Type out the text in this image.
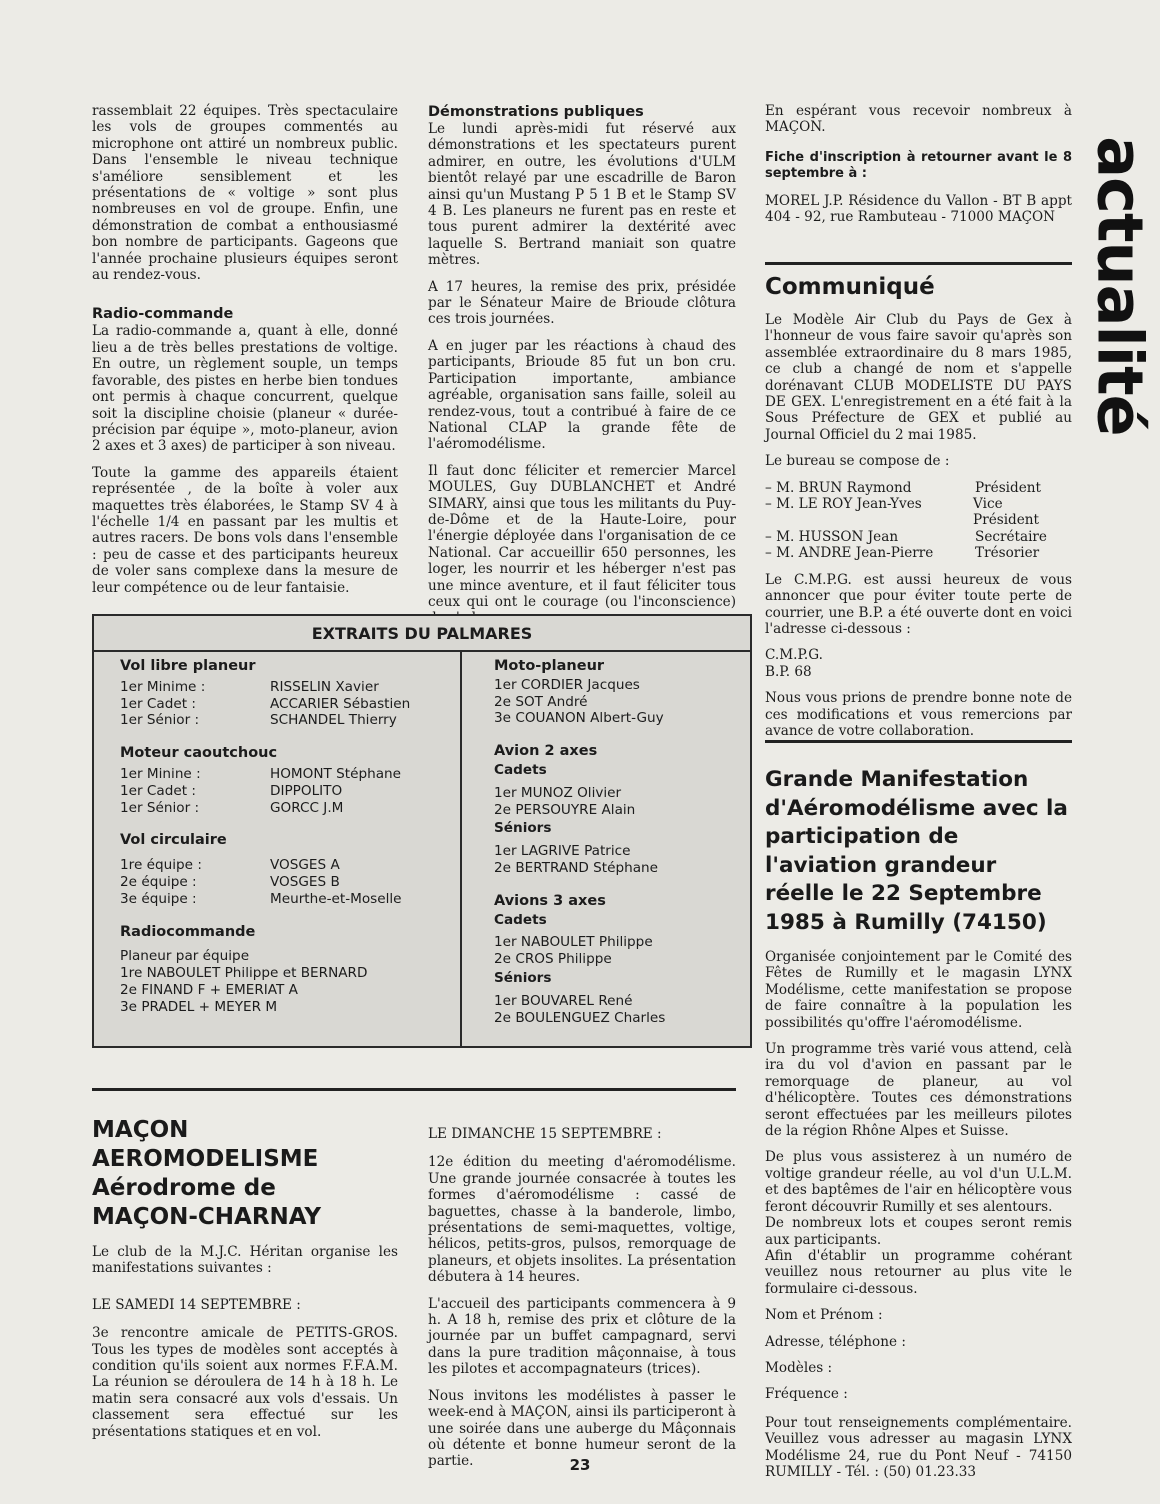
actualité

rassemblait 22 équipes. Très spectaculaire les vols de groupes commentés au microphone ont attiré un nombreux public. Dans l'ensemble le niveau technique s'améliore sensiblement et les présentations de « voltige » sont plus nombreuses en vol de groupe. Enfin, une démonstration de combat a enthousiasmé bon nombre de participants. Gageons que l'année prochaine plusieurs équipes seront au rendez-vous.

Radio-commande

La radio-commande a, quant à elle, donné lieu a de très belles prestations de voltige. En outre, un règlement souple, un temps favorable, des pistes en herbe bien tondues ont permis à chaque concurrent, quelque soit la discipline choisie (planeur « durée-précision par équipe », moto-planeur, avion 2 axes et 3 axes) de participer à son niveau.

Toute la gamme des appareils étaient représentée , de la boîte à voler aux maquettes très élaborées, le Stamp SV 4 à l'échelle 1/4 en passant par les multis et autres racers. De bons vols dans l'ensemble : peu de casse et des participants heureux de voler sans complexe dans la mesure de leur compétence ou de leur fantaisie.

Démonstrations publiques

Le lundi après-midi fut réservé aux démonstrations et les spectateurs purent admirer, en outre, les évolutions d'ULM bientôt relayé par une escadrille de Baron ainsi qu'un Mustang P 5 1 B et le Stamp SV 4 B. Les planeurs ne furent pas en reste et tous purent admirer la dextérité avec laquelle S. Bertrand maniait son quatre mètres.

A 17 heures, la remise des prix, présidée par le Sénateur Maire de Brioude clôtura ces trois journées.

A en juger par les réactions à chaud des participants, Brioude 85 fut un bon cru. Participation importante, ambiance agréable, organisation sans faille, soleil au rendez-vous, tout a contribué à faire de ce National CLAP la grande fête de l'aéromodélisme.

Il faut donc féliciter et remercier Marcel MOULES, Guy DUBLANCHET et André SIMARY, ainsi que tous les militants du Puy-de-Dôme et de la Haute-Loire, pour l'énergie déployée dans l'organisation de ce National. Car accueillir 650 personnes, les loger, les nourrir et les héberger n'est pas une mince aventure, et il faut féliciter tous ceux qui ont le courage (ou l'inconscience)

En espérant vous recevoir nombreux à MAÇON.

Fiche d'inscription à retourner avant le 8 septembre à :

MOREL J.P. Résidence du Vallon - BT B appt 404 - 92, rue Rambuteau - 71000 MAÇON

Communiqué

Le Modèle Air Club du Pays de Gex à l'honneur de vous faire savoir qu'après son assemblée extraordinaire du 8 mars 1985, ce club a changé de nom et s'appelle dorénavant CLUB MODELISTE DU PAYS DE GEX. L'enregistrement en a été fait à la Sous Préfecture de GEX et publié au Journal Officiel du 2 mai 1985.

Le bureau se compose de :

– M. BRUN Raymond	Président
– M. LE ROY Jean-Yves	Vice Président
– M. HUSSON Jean	Secrétaire
– M. ANDRE Jean-Pierre	Trésorier

Le C.M.P.G. est aussi heureux de vous annoncer que pour éviter toute perte de courrier, une B.P. a été ouverte dont en voici l'adresse ci-dessous :

C.M.P.G.

B.P. 68

Nous vous prions de prendre bonne note de ces modifications et vous remercions par avance de votre collaboration.

Grande Manifestation d'Aéromodélisme avec la participation de l'aviation grandeur réelle le 22 Septembre 1985 à Rumilly (74150)

Organisée conjointement par le Comité des Fêtes de Rumilly et le magasin LYNX Modélisme, cette manifestation se propose de faire connaître à la population les possibilités qu'offre l'aéromodélisme.

Un programme très varié vous attend, celà ira du vol d'avion en passant par le remorquage de planeur, au vol d'hélicoptère. Toutes ces démonstrations seront effectuées par les meilleurs pilotes de la région Rhône Alpes et Suisse.

De plus vous assisterez à un numéro de voltige grandeur réelle, au vol d'un U.L.M. et des baptêmes de l'air en hélicoptère vous feront découvrir Rumilly et ses alentours.

De nombreux lots et coupes seront remis aux participants.

Afin d'établir un programme cohérant veuillez nous retourner au plus vite le formulaire ci-dessous.

Nom et Prénom :

Adresse, téléphone :

Modèles :

Fréquence :

Pour tout renseignements complémentaire. Veuillez vous adresser au magasin LYNX Modélisme 24, rue du Pont Neuf - 74150 RUMILLY - Tél. : (50) 01.23.33

EXTRAITS DU PALMARES
Vol libre planeur
1er Minime :	RISSELIN Xavier
1er Cadet :	ACCARIER Sébastien
1er Sénior :	SCHANDEL Thierry
Moteur caoutchouc
1er Minine :	HOMONT Stéphane
1er Cadet :	DIPPOLITO
1er Sénior :	GORCC J.M
Vol circulaire
1re équipe :	VOSGES A
2e équipe :	VOSGES B
3e équipe :	Meurthe-et-Moselle
Radiocommande
Planeur par équipe
1re NABOULET Philippe et BERNARD
2e FINAND F + EMERIAT A
3e PRADEL + MEYER M
Moto-planeur
1er CORDIER Jacques
2e SOT André
3e COUANON Albert-Guy
Avion 2 axes
Cadets
1er MUNOZ Olivier
2e PERSOUYRE Alain
Séniors
1er LAGRIVE Patrice
2e BERTRAND Stéphane
Avions 3 axes
Cadets
1er NABOULET Philippe
2e CROS Philippe
Séniors
1er BOUVAREL René
2e BOULENGUEZ Charles
MAÇON
AEROMODELISME
Aérodrome de
MAÇON-CHARNAY

Le club de la M.J.C. Héritan organise les manifestations suivantes :

LE SAMEDI 14 SEPTEMBRE :

3e rencontre amicale de PETITS-GROS. Tous les types de modèles sont acceptés à condition qu'ils soient aux normes F.F.A.M. La réunion se déroulera de 14 h à 18 h. Le matin sera consacré aux vols d'essais. Un classement sera effectué sur les présentations statiques et en vol.

LE DIMANCHE 15 SEPTEMBRE :

12e édition du meeting d'aéromodélisme. Une grande journée consacrée à toutes les formes d'aéromodélisme : cassé de baguettes, chasse à la banderole, limbo, présentations de semi-maquettes, voltige, hélicos, petits-gros, pulsos, remorquage de planeurs, et objets insolites. La présentation débutera à 14 heures.

L'accueil des participants commencera à 9 h. A 18 h, remise des prix et clôture de la journée par un buffet campagnard, servi dans la pure tradition mâçonnaise, à tous les pilotes et accompagnateurs (trices).

Nous invitons les modélistes à passer le week-end à MAÇON, ainsi ils participeront à une soirée dans une auberge du Mâçonnais où détente et bonne humeur seront de la partie.	23
